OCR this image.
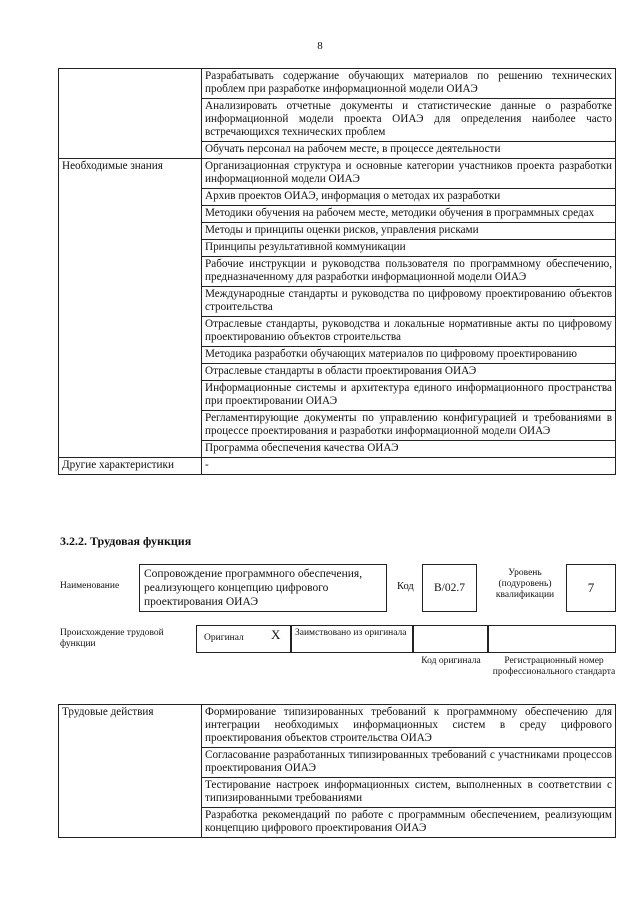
8
	Разрабатывать содержание обучающих материалов по решению технических проблем при разработке информационной модели ОИАЭ
	Анализировать отчетные документы и статистические данные о разработке информационной модели проекта ОИАЭ для определения наиболее часто встречающихся технических проблем
	Обучать персонал на рабочем месте, в процессе деятельности
Необходимые знания	Организационная структура и основные категории участников проекта разработки информационной модели ОИАЭ
	Архив проектов ОИАЭ, информация о методах их разработки
	Методики обучения на рабочем месте, методики обучения в программных средах
	Методы и принципы оценки рисков, управления рисками
	Принципы результативной коммуникации
	Рабочие инструкции и руководства пользователя по программному обеспечению, предназначенному для разработки информационной модели ОИАЭ
	Международные стандарты и руководства по цифровому проектированию объектов строительства
	Отраслевые стандарты, руководства и локальные нормативные акты по цифровому проектированию объектов строительства
	Методика разработки обучающих материалов по цифровому проектированию
	Отраслевые стандарты в области проектирования ОИАЭ
	Информационные системы и архитектура единого информационного пространства при проектировании ОИАЭ
	Регламентирующие документы по управлению конфигурацией и требованиями в процессе проектирования и разработки информационной модели ОИАЭ
	Программа обеспечения качества ОИАЭ
Другие характеристики	-
3.2.2. Трудовая функция
Наименование
Сопровождение программного обеспечения, реализующего концепцию цифрового проектирования ОИАЭ
Код	B/02.7
Уровень (подуровень) квалификации	7
Происхождение трудовой функции
Оригинал X Заимствовано из оригинала
Код оригинала	Регистрационный номер профессионального стандарта
Трудовые действия	Формирование типизированных требований к программному обеспечению для интеграции необходимых информационных систем в среду цифрового проектирования объектов строительства ОИАЭ
Согласование разработанных типизированных требований с участниками процессов проектирования ОИАЭ
Тестирование настроек информационных систем, выполненных в соответствии с типизированными требованиями
Разработка рекомендаций по работе с программным обеспечением, реализующим концепцию цифрового проектирования ОИАЭ
